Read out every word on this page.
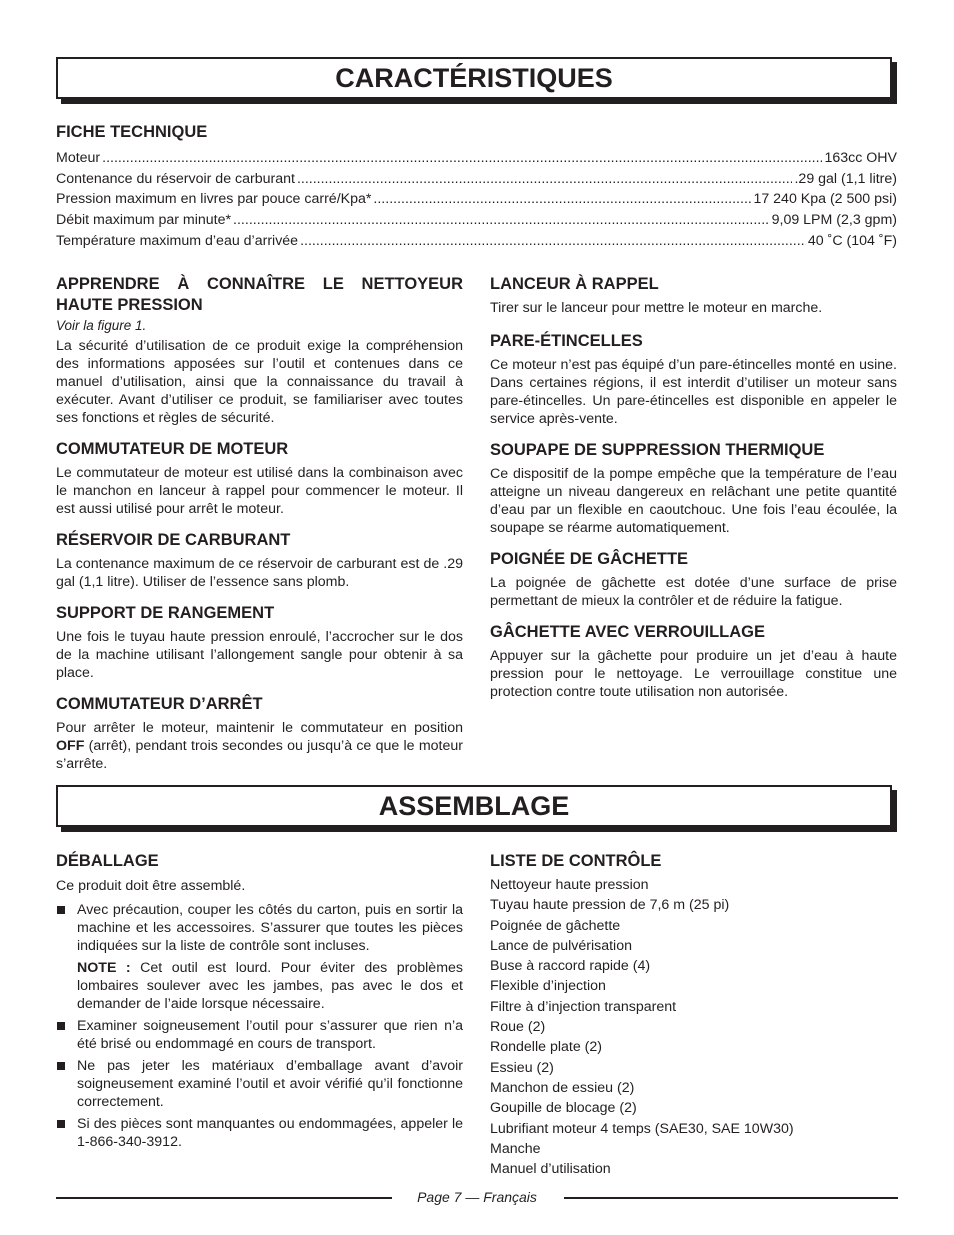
CARACTÉRISTIQUES
FICHE TECHNIQUE
Moteur .....	163cc OHV
Contenance du réservoir de carburant .....	.29 gal (1,1 litre)
Pression maximum en livres par pouce carré/Kpa* .....	17 240 Kpa (2 500 psi)
Débit maximum par minute* .....	9,09 LPM (2,3 gpm)
Température maximum d’eau d’arrivée .....	40 ˚C (104 ˚F)
APPRENDRE À CONNAÎTRE LE NETTOYEUR
HAUTE PRESSION

Voir la figure 1.

La sécurité d’utilisation de ce produit exige la compréhension des informations apposées sur l’outil et contenues dans ce manuel d’utilisation, ainsi que la connaissance du travail à exécuter. Avant d’utiliser ce produit, se familiariser avec toutes ses fonctions et règles de sécurité.

COMMUTATEUR DE MOTEUR

Le commutateur de moteur est utilisé dans la combinaison avec le manchon en lanceur à rappel pour commencer le moteur. Il est aussi utilisé pour arrêt le moteur.

RÉSERVOIR DE CARBURANT

La contenance maximum de ce réservoir de carburant est de .29 gal (1,1 litre). Utiliser de l’essence sans plomb.

SUPPORT DE RANGEMENT

Une fois le tuyau haute pression enroulé, l’accrocher sur le dos de la machine utilisant l’allongement sangle pour obtenir à sa place.

COMMUTATEUR D’ARRÊT

Pour arrêter le moteur, maintenir le commutateur en position OFF (arrêt), pendant trois secondes ou jusqu’à ce que le moteur s’arrête.

LANCEUR À RAPPEL

Tirer sur le lanceur pour mettre le moteur en marche.

PARE-ÉTINCELLES

Ce moteur n’est pas équipé d’un pare-étincelles monté en usine. Dans certaines régions, il est interdit d’utiliser un moteur sans pare-étincelles. Un pare-étincelles est disponible en appeler le service après-vente.

SOUPAPE DE SUPPRESSION THERMIQUE

Ce dispositif de la pompe empêche que la température de l’eau atteigne un niveau dangereux en relâchant une petite quantité d’eau par un flexible en caoutchouc. Une fois l’eau écoulée, la soupape se réarme automatiquement.

POIGNÉE DE GÂCHETTE

La poignée de gâchette est dotée d’une surface de prise permettant de mieux la contrôler et de réduire la fatigue.

GÂCHETTE AVEC VERROUILLAGE

Appuyer sur la gâchette pour produire un jet d’eau à haute pression pour le nettoyage. Le verrouillage constitue une protection contre toute utilisation non autorisée.

ASSEMBLAGE
DÉBALLAGE

Ce produit doit être assemblé.

Avec précaution, couper les côtés du carton, puis en sortir la machine et les accessoires. S’assurer que toutes les pièces indiquées sur la liste de contrôle sont incluses.

NOTE : Cet outil est lourd. Pour éviter des problèmes lombaires soulever avec les jambes, pas avec le dos et demander de l’aide lorsque nécessaire.

Examiner soigneusement l’outil pour s’assurer que rien n’a été brisé ou endommagé en cours de transport.
Ne pas jeter les matériaux d’emballage avant d’avoir soigneusement examiné l’outil et avoir vérifié qu’il fonctionne correctement.
Si des pièces sont manquantes ou endommagées, appeler le 1-866-340-3912.
LISTE DE CONTRÔLE

Nettoyeur haute pression

Tuyau haute pression de 7,6 m (25 pi)

Poignée de gâchette

Lance de pulvérisation

Buse à raccord rapide (4)

Flexible d’injection

Filtre à d’injection transparent

Roue (2)

Rondelle plate (2)

Essieu (2)

Manchon de essieu (2)

Goupille de blocage (2)

Lubrifiant moteur 4 temps (SAE30, SAE 10W30)

Manche

Manuel d’utilisation

Page 7 — Français
